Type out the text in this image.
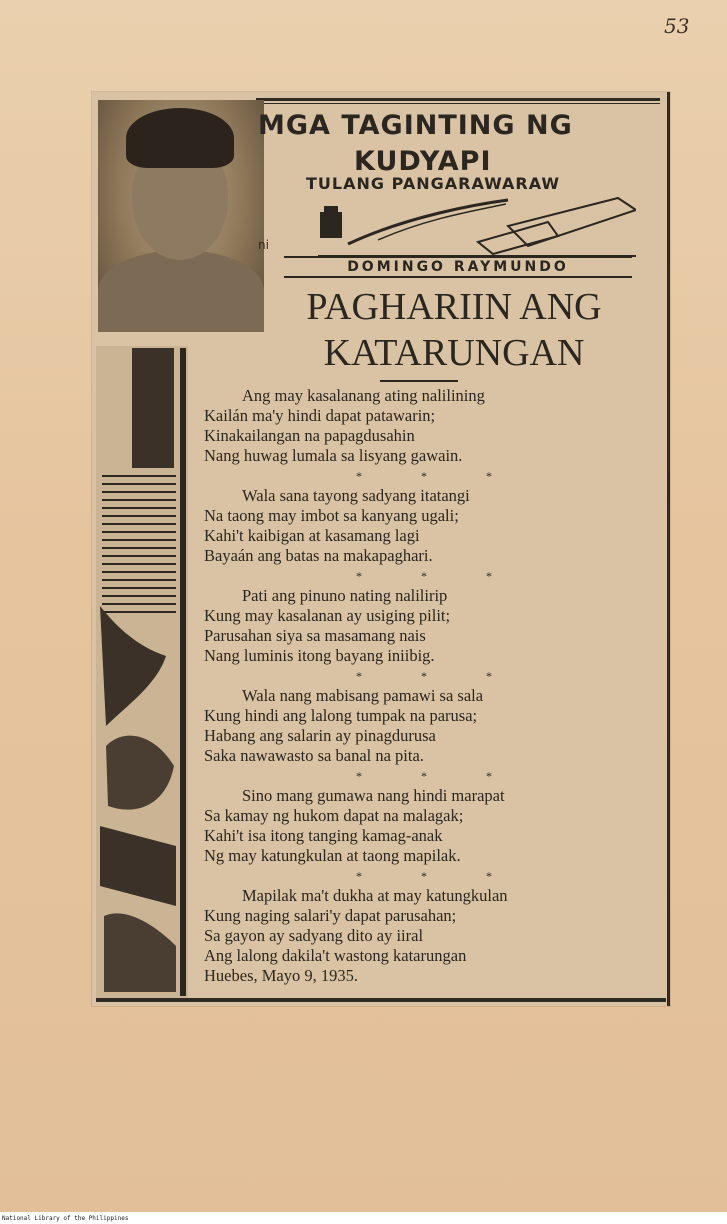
53
MGA TAGINTING NG
KUDYAPI
TULANG PANGARAWARAW
ni
DOMINGO RAYMUNDO
PAGHARIIN ANG
KATARUNGAN
Ang may kasalanang ating nalilining
Kailán ma'y hindi dapat patawarin;
Kinakailangan na papagdusahin
Nang huwag lumala sa lisyang gawain.
* * *
Wala sana tayong sadyang itatangi
Na taong may imbot sa kanyang ugali;
Kahi't kaibigan at kasamang lagi
Bayaán ang batas na makapaghari.
* * *
Pati ang pinuno nating nalilirip
Kung may kasalanan ay usiging pilit;
Parusahan siya sa masamang nais
Nang luminis itong bayang iniibig.
* * *
Wala nang mabisang pamawi sa sala
Kung hindi ang lalong tumpak na parusa;
Habang ang salarin ay pinagdurusa
Saka nawawasto sa banal na pita.
* * *
Sino mang gumawa nang hindi marapat
Sa kamay ng hukom dapat na malagak;
Kahi't isa itong tanging kamag-anak
Ng may katungkulan at taong mapilak.
* * *
Mapilak ma't dukha at may katungkulan
Kung naging salari'y dapat parusahan;
Sa gayon ay sadyang dito ay iiral
Ang lalong dakila't wastong katarungan
Huebes, Mayo 9, 1935.
National Library of the Philippines
